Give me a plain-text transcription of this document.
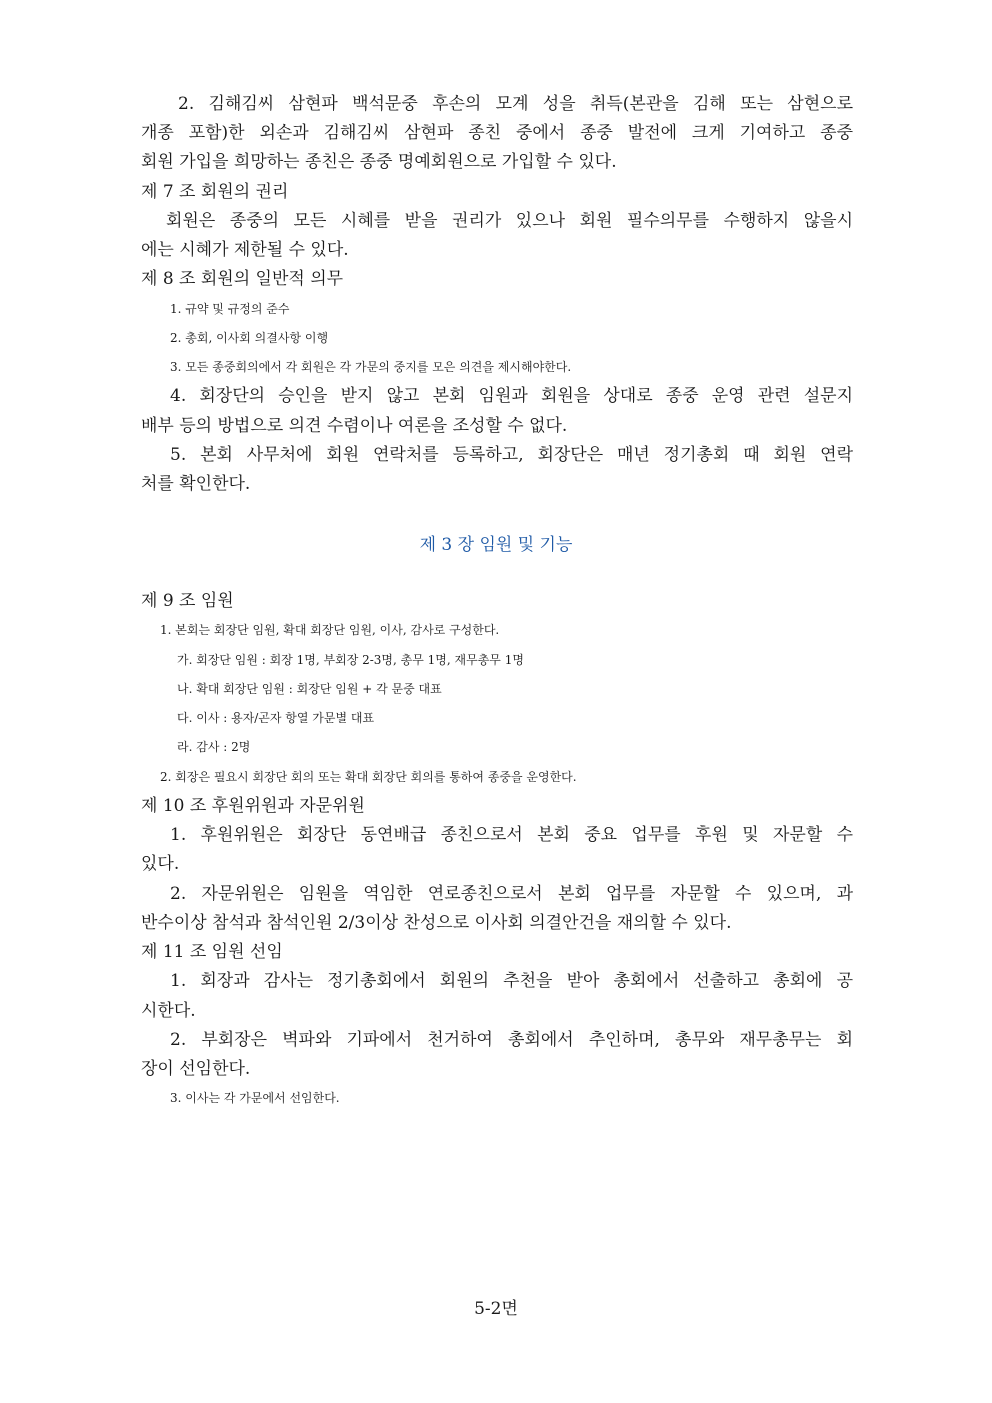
2. 김해김씨 삼현파 백석문중 후손의 모계 성을 취득(본관을 김해 또는 삼현으로
개종 포함)한 외손과 김해김씨 삼현파 종친 중에서 종중 발전에 크게 기여하고 종중
회원 가입을 희망하는 종친은 종중 명예회원으로 가입할 수 있다.
제 7 조 회원의 권리
회원은 종중의 모든 시혜를 받을 권리가 있으나 회원 필수의무를 수행하지 않을시
에는 시혜가 제한될 수 있다.
제 8 조 회원의 일반적 의무
1. 규약 및 규정의 준수
2. 총회, 이사회 의결사항 이행
3. 모든 종중회의에서 각 회원은 각 가문의 중지를 모은 의견을 제시해야한다.
4. 회장단의 승인을 받지 않고 본회 임원과 회원을 상대로 종중 운영 관련 설문지
배부 등의 방법으로 의견 수렴이나 여론을 조성할 수 없다.
5. 본회 사무처에 회원 연락처를 등록하고, 회장단은 매년 정기총회 때 회원 연락
처를 확인한다.
제 3 장 임원 및 기능
제 9 조 임원
1. 본회는 회장단 임원, 확대 회장단 임원, 이사, 감사로 구성한다.
가. 회장단 임원 : 회장 1명, 부회장 2-3명, 총무 1명, 재무총무 1명
나. 확대 회장단 임원 : 회장단 임원 + 각 문중 대표
다. 이사 : 용자/곤자 항열 가문별 대표
라. 감사 : 2명
2. 회장은 필요시 회장단 회의 또는 확대 회장단 회의를 통하여 종중을 운영한다.
제 10 조 후원위원과 자문위원
1. 후원위원은 회장단 동연배급 종친으로서 본회 중요 업무를 후원 및 자문할 수
있다.
2. 자문위원은 임원을 역임한 연로종친으로서 본회 업무를 자문할 수 있으며, 과
반수이상 참석과 참석인원 2/3이상 찬성으로 이사회 의결안건을 재의할 수 있다.
제 11 조 임원 선임
1. 회장과 감사는 정기총회에서 회원의 추천을 받아 총회에서 선출하고 총회에 공
시한다.
2. 부회장은 벽파와 기파에서 천거하여 총회에서 추인하며, 총무와 재무총무는 회
장이 선임한다.
3. 이사는 각 가문에서 선임한다.
5-2면
